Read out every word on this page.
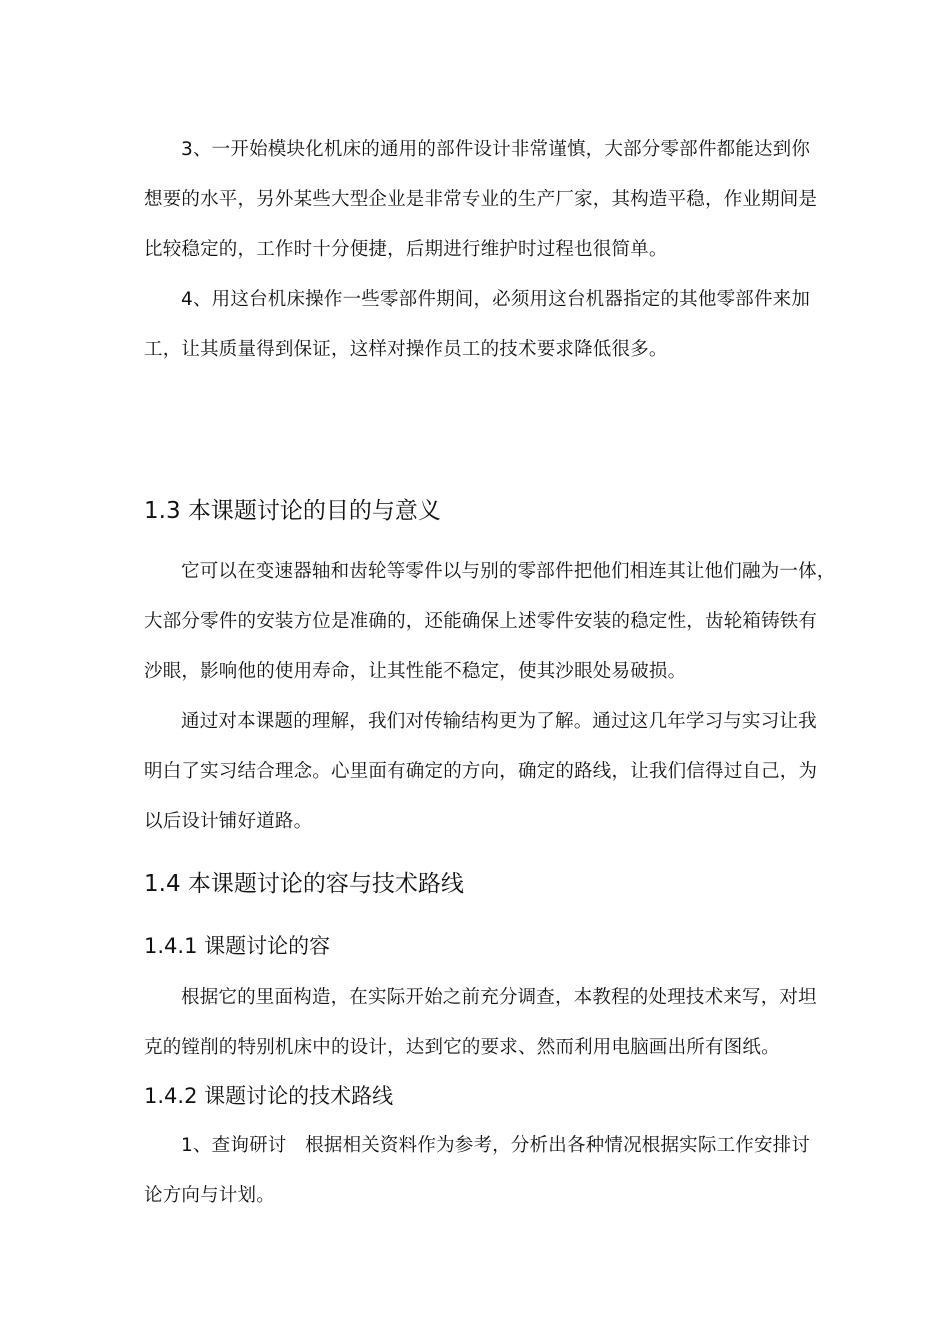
3、一开始模块化机床的通用的部件设计非常谨慎，大部分零部件都能达到你
想要的水平，另外某些大型企业是非常专业的生产厂家，其构造平稳，作业期间是
比较稳定的，工作时十分便捷，后期进行维护时过程也很简单。
4、用这台机床操作一些零部件期间，必须用这台机器指定的其他零部件来加
工，让其质量得到保证，这样对操作员工的技术要求降低很多。
1.3 本课题讨论的目的与意义
它可以在变速器轴和齿轮等零件以与别的零部件把他们相连其让他们融为一体，
大部分零件的安装方位是准确的，还能确保上述零件安装的稳定性，齿轮箱铸铁有
沙眼，影响他的使用寿命，让其性能不稳定，使其沙眼处易破损。
通过对本课题的理解，我们对传输结构更为了解。通过这几年学习与实习让我
明白了实习结合理念。心里面有确定的方向，确定的路线，让我们信得过自己，为
以后设计铺好道路。
1.4 本课题讨论的容与技术路线
1.4.1 课题讨论的容
根据它的里面构造，在实际开始之前充分调查，本教程的处理技术来写，对坦
克的镗削的特别机床中的设计，达到它的要求、然而利用电脑画出所有图纸。
1.4.2 课题讨论的技术路线
1、查询研讨　根据相关资料作为参考，分析出各种情况根据实际工作安排讨
论方向与计划。
